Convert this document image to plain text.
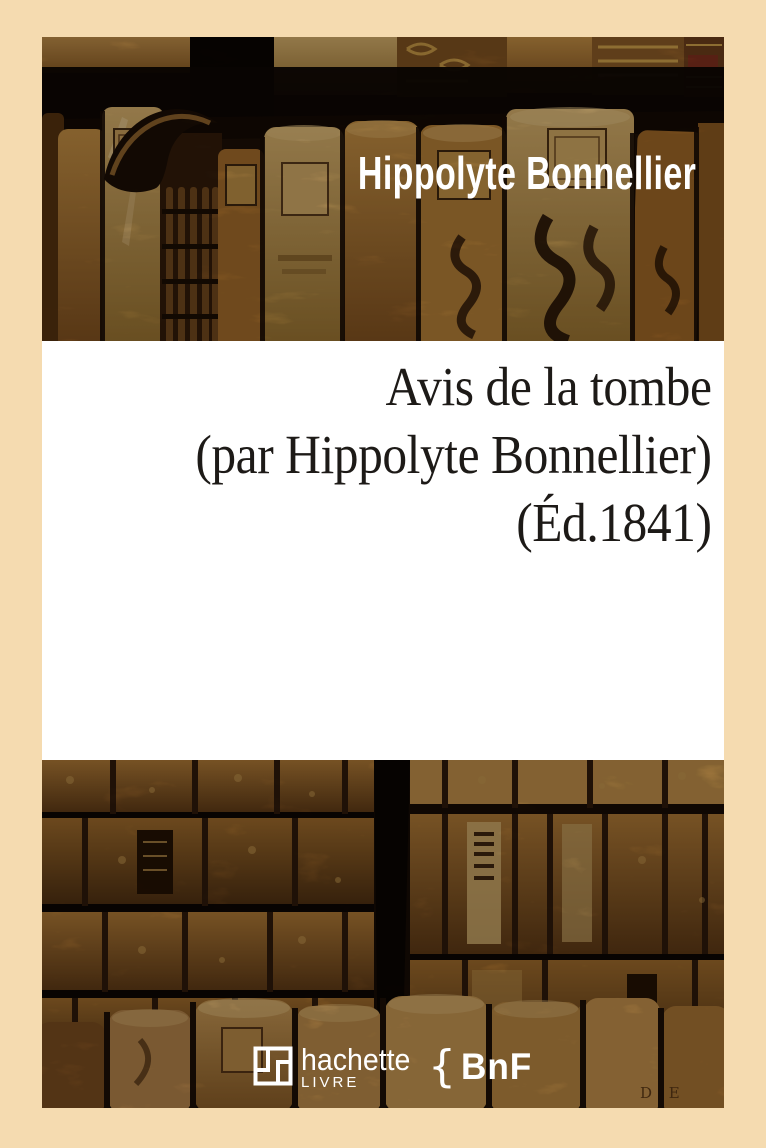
Hippolyte Bonnellier
Avis de la tombe
(par Hippolyte Bonnellier)
(Éd.1841)
D E
hachette
LIVRE	{ BnF
